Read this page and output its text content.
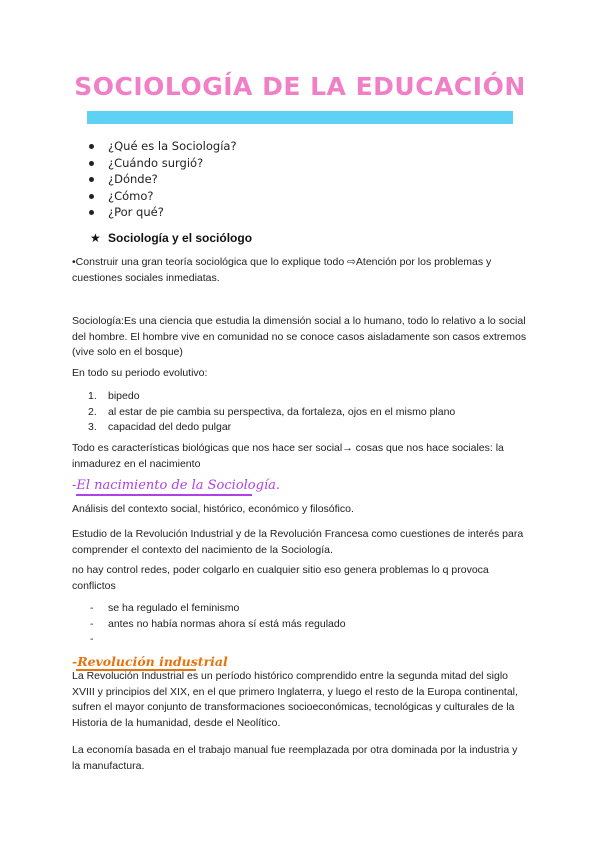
SOCIOLOGÍA DE LA EDUCACIÓN
¿Qué es la Sociología?
¿Cuándo surgió?
¿Dónde?
¿Cómo?
¿Por qué?
★ Sociología y el sociólogo
•Construir una gran teoría sociológica que lo explique todo ⇨Atención por los problemas y cuestiones sociales inmediatas.
Sociología:Es una ciencia que estudia la dimensión social a lo humano, todo lo relativo a lo social del hombre. El hombre vive en comunidad no se conoce casos aisladamente son casos extremos (vive solo en el bosque)
En todo su periodo evolutivo:
1. bipedo
2. al estar de pie cambia su perspectiva, da fortaleza, ojos en el mismo plano
3. capacidad del dedo pulgar
Todo es características biológicas que nos hace ser social→ cosas que nos hace sociales: la inmadurez en el nacimiento
-El nacimiento de la Sociología.
Análisis del contexto social, histórico, económico y filosófico.
Estudio de la Revolución Industrial y de la Revolución Francesa como cuestiones de interés para comprender el contexto del nacimiento de la Sociología.
no hay control redes, poder colgarlo en cualquier sitio eso genera problemas lo q provoca conflictos
- se ha regulado el feminismo
- antes no había normas ahora sí está más regulado
-
-Revolución industrial
La Revolución Industrial es un período histórico comprendido entre la segunda mitad del siglo XVIII y principios del XIX, en el que primero Inglaterra, y luego el resto de la Europa continental, sufren el mayor conjunto de transformaciones socioeconómicas, tecnológicas y culturales de la Historia de la humanidad, desde el Neolítico.
La economía basada en el trabajo manual fue reemplazada por otra dominada por la industria y la manufactura.
